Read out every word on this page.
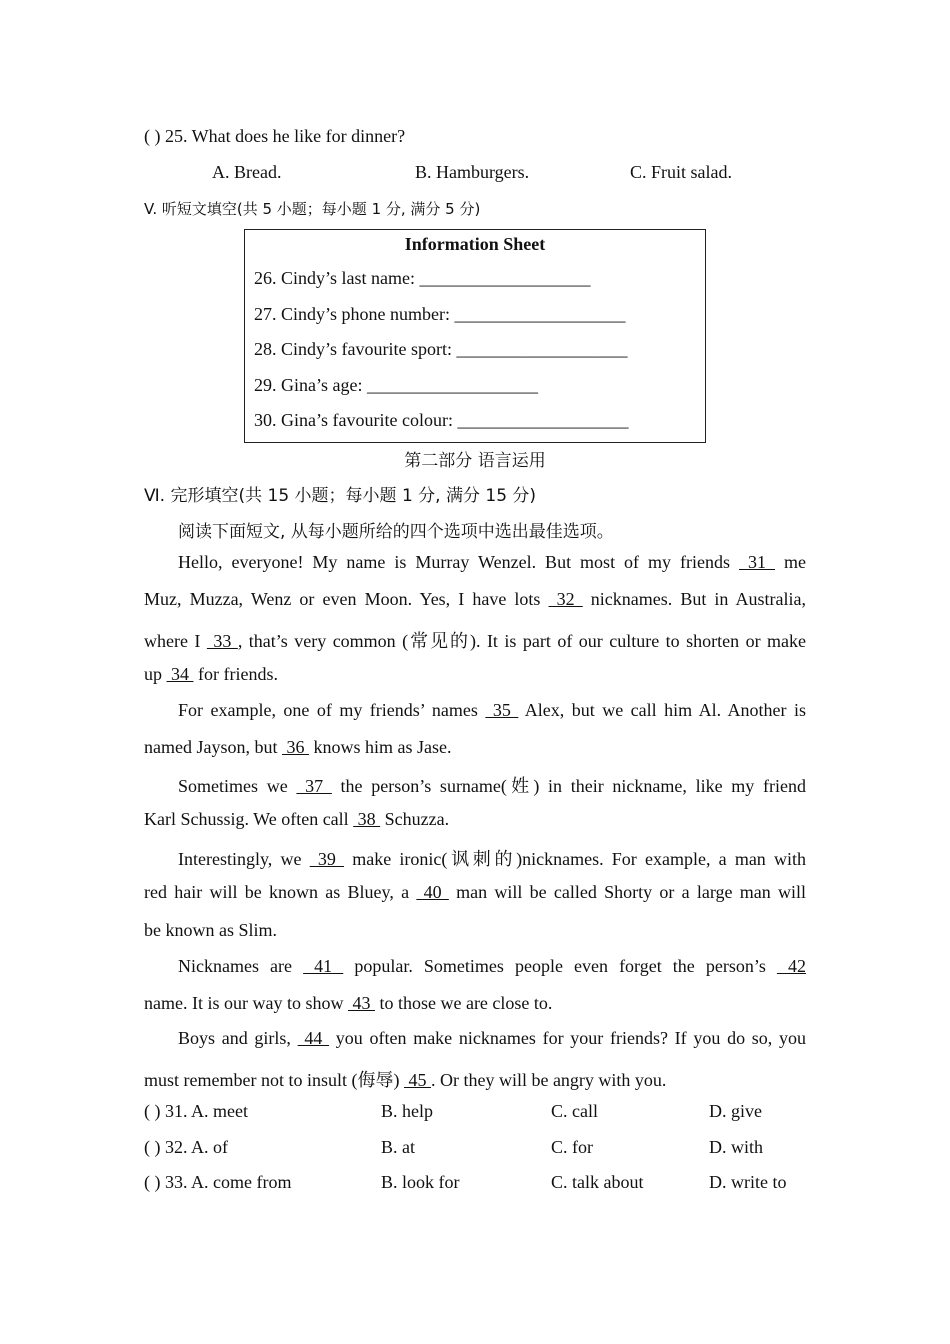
( ) 25. What does he like for dinner?
A. Bread.	B. Hamburgers.	C. Fruit salad.
V. 听短文填空(共 5 小题；每小题 1 分, 满分 5 分)
Information Sheet
26. Cindy’s last name: ___________________
27. Cindy’s phone number: ___________________
28. Cindy’s favourite sport: ___________________
29. Gina’s age: ___________________
30. Gina’s favourite colour: ___________________
第二部分 语言运用
Ⅵ. 完形填空(共 15 小题；每小题 1 分, 满分 15 分)
阅读下面短文, 从每小题所给的四个选项中选出最佳选项。
Hello, everyone! My name is Murray Wenzel. But most of my friends  31  me
Muz, Muzza, Wenz or even Moon. Yes, I have lots  32  nicknames. But in Australia,
where I  33 , that’s very common (常见的). It is part of our culture to shorten or make
up  34  for friends.
For example, one of my friends’ names  35  Alex, but we call him Al. Another is
named Jayson, but  36  knows him as Jase.
Sometimes we  37  the person’s surname(姓) in their nickname, like my friend
Karl Schussig. We often call  38  Schuzza.
Interestingly, we  39  make ironic(讽刺的)nicknames. For example, a man with
red hair will be known as Bluey, a  40  man will be called Shorty or a large man will
be known as Slim.
Nicknames are  41  popular. Sometimes people even forget the person’s  42
name. It is our way to show  43  to those we are close to.
Boys and girls,  44  you often make nicknames for your friends? If you do so, you
must remember not to insult (侮辱)  45 . Or they will be angry with you.
( ) 31. A. meet	B. help	C. call	D. give
( ) 32. A. of	B. at	C. for	D. with
( ) 33. A. come from	B. look for	C. talk about	D. write to
